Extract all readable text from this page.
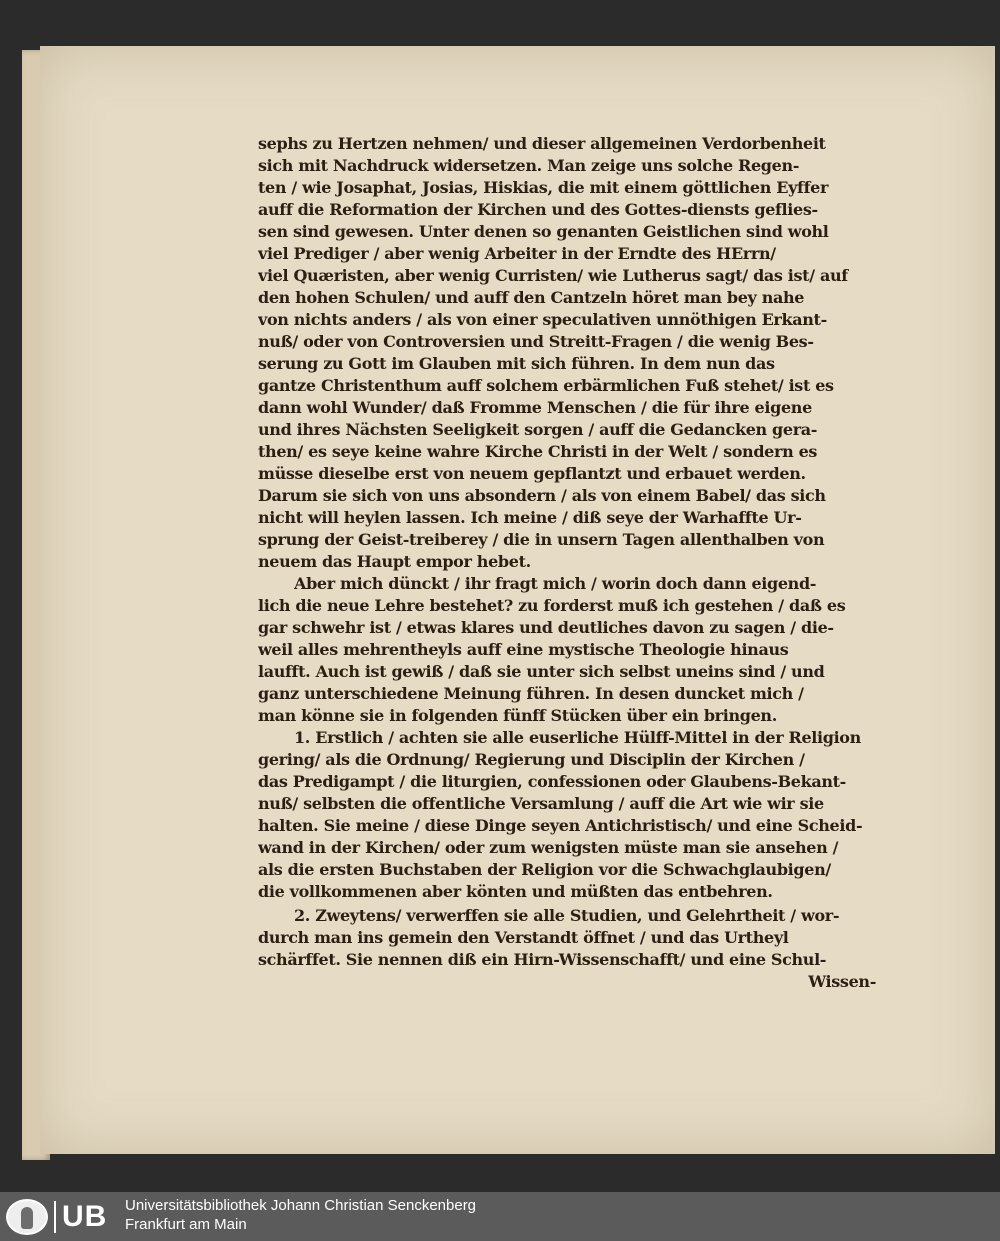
sephs zu Hertzen nehmen/ und dieser allgemeinen Verdorbenheit
sich mit Nachdruck widersetzen. Man zeige uns solche Regen-
ten / wie Josaphat, Josias, Hiskias, die mit einem göttlichen Eyffer
auff die Reformation der Kirchen und des Gottes-diensts geflies-
sen sind gewesen. Unter denen so genanten Geistlichen sind wohl
viel Prediger / aber wenig Arbeiter in der Erndte des HErrn/
viel Quæristen, aber wenig Curristen/ wie Lutherus sagt/ das ist/ auf
den hohen Schulen/ und auff den Cantzeln höret man bey nahe
von nichts anders / als von einer speculativen unnöthigen Erkant-
nuß/ oder von Controversien und Streitt-Fragen / die wenig Bes-
serung zu Gott im Glauben mit sich führen. In dem nun das
gantze Christenthum auff solchem erbärmlichen Fuß stehet/ ist es
dann wohl Wunder/ daß Fromme Menschen / die für ihre eigene
und ihres Nächsten Seeligkeit sorgen / auff die Gedancken gera-
then/ es seye keine wahre Kirche Christi in der Welt / sondern es
müsse dieselbe erst von neuem gepflantzt und erbauet werden.
Darum sie sich von uns absondern / als von einem Babel/ das sich
nicht will heylen lassen. Ich meine / diß seye der Warhaffte Ur-
sprung der Geist-treiberey / die in unsern Tagen allenthalben von
neuem das Haupt empor hebet.
Aber mich dünckt / ihr fragt mich / worin doch dann eigend-
lich die neue Lehre bestehet? zu forderst muß ich gestehen / daß es
gar schwehr ist / etwas klares und deutliches davon zu sagen / die-
weil alles mehrentheyls auff eine mystische Theologie hinaus
laufft. Auch ist gewiß / daß sie unter sich selbst uneins sind / und
ganz unterschiedene Meinung führen. In desen duncket mich /
man könne sie in folgenden fünff Stücken über ein bringen.
1. Erstlich / achten sie alle euserliche Hülff-Mittel in der Religion
gering/ als die Ordnung/ Regierung und Disciplin der Kirchen /
das Predigampt / die liturgien, confessionen oder Glaubens-Bekant-
nuß/ selbsten die offentliche Versamlung / auff die Art wie wir sie
halten. Sie meine / diese Dinge seyen Antichristisch/ und eine Scheid-
wand in der Kirchen/ oder zum wenigsten müste man sie ansehen /
als die ersten Buchstaben der Religion vor die Schwachglaubigen/
die vollkommenen aber könten und müßten das entbehren.
2. Zweytens/ verwerffen sie alle Studien, und Gelehrtheit / wor-
durch man ins gemein den Verstandt öffnet / und das Urtheyl
schärffet. Sie nennen diß ein Hirn-Wissenschafft/ und eine Schul-
Wissen-
UB Universitätsbibliothek Johann Christian Senckenberg
Frankfurt am Main
